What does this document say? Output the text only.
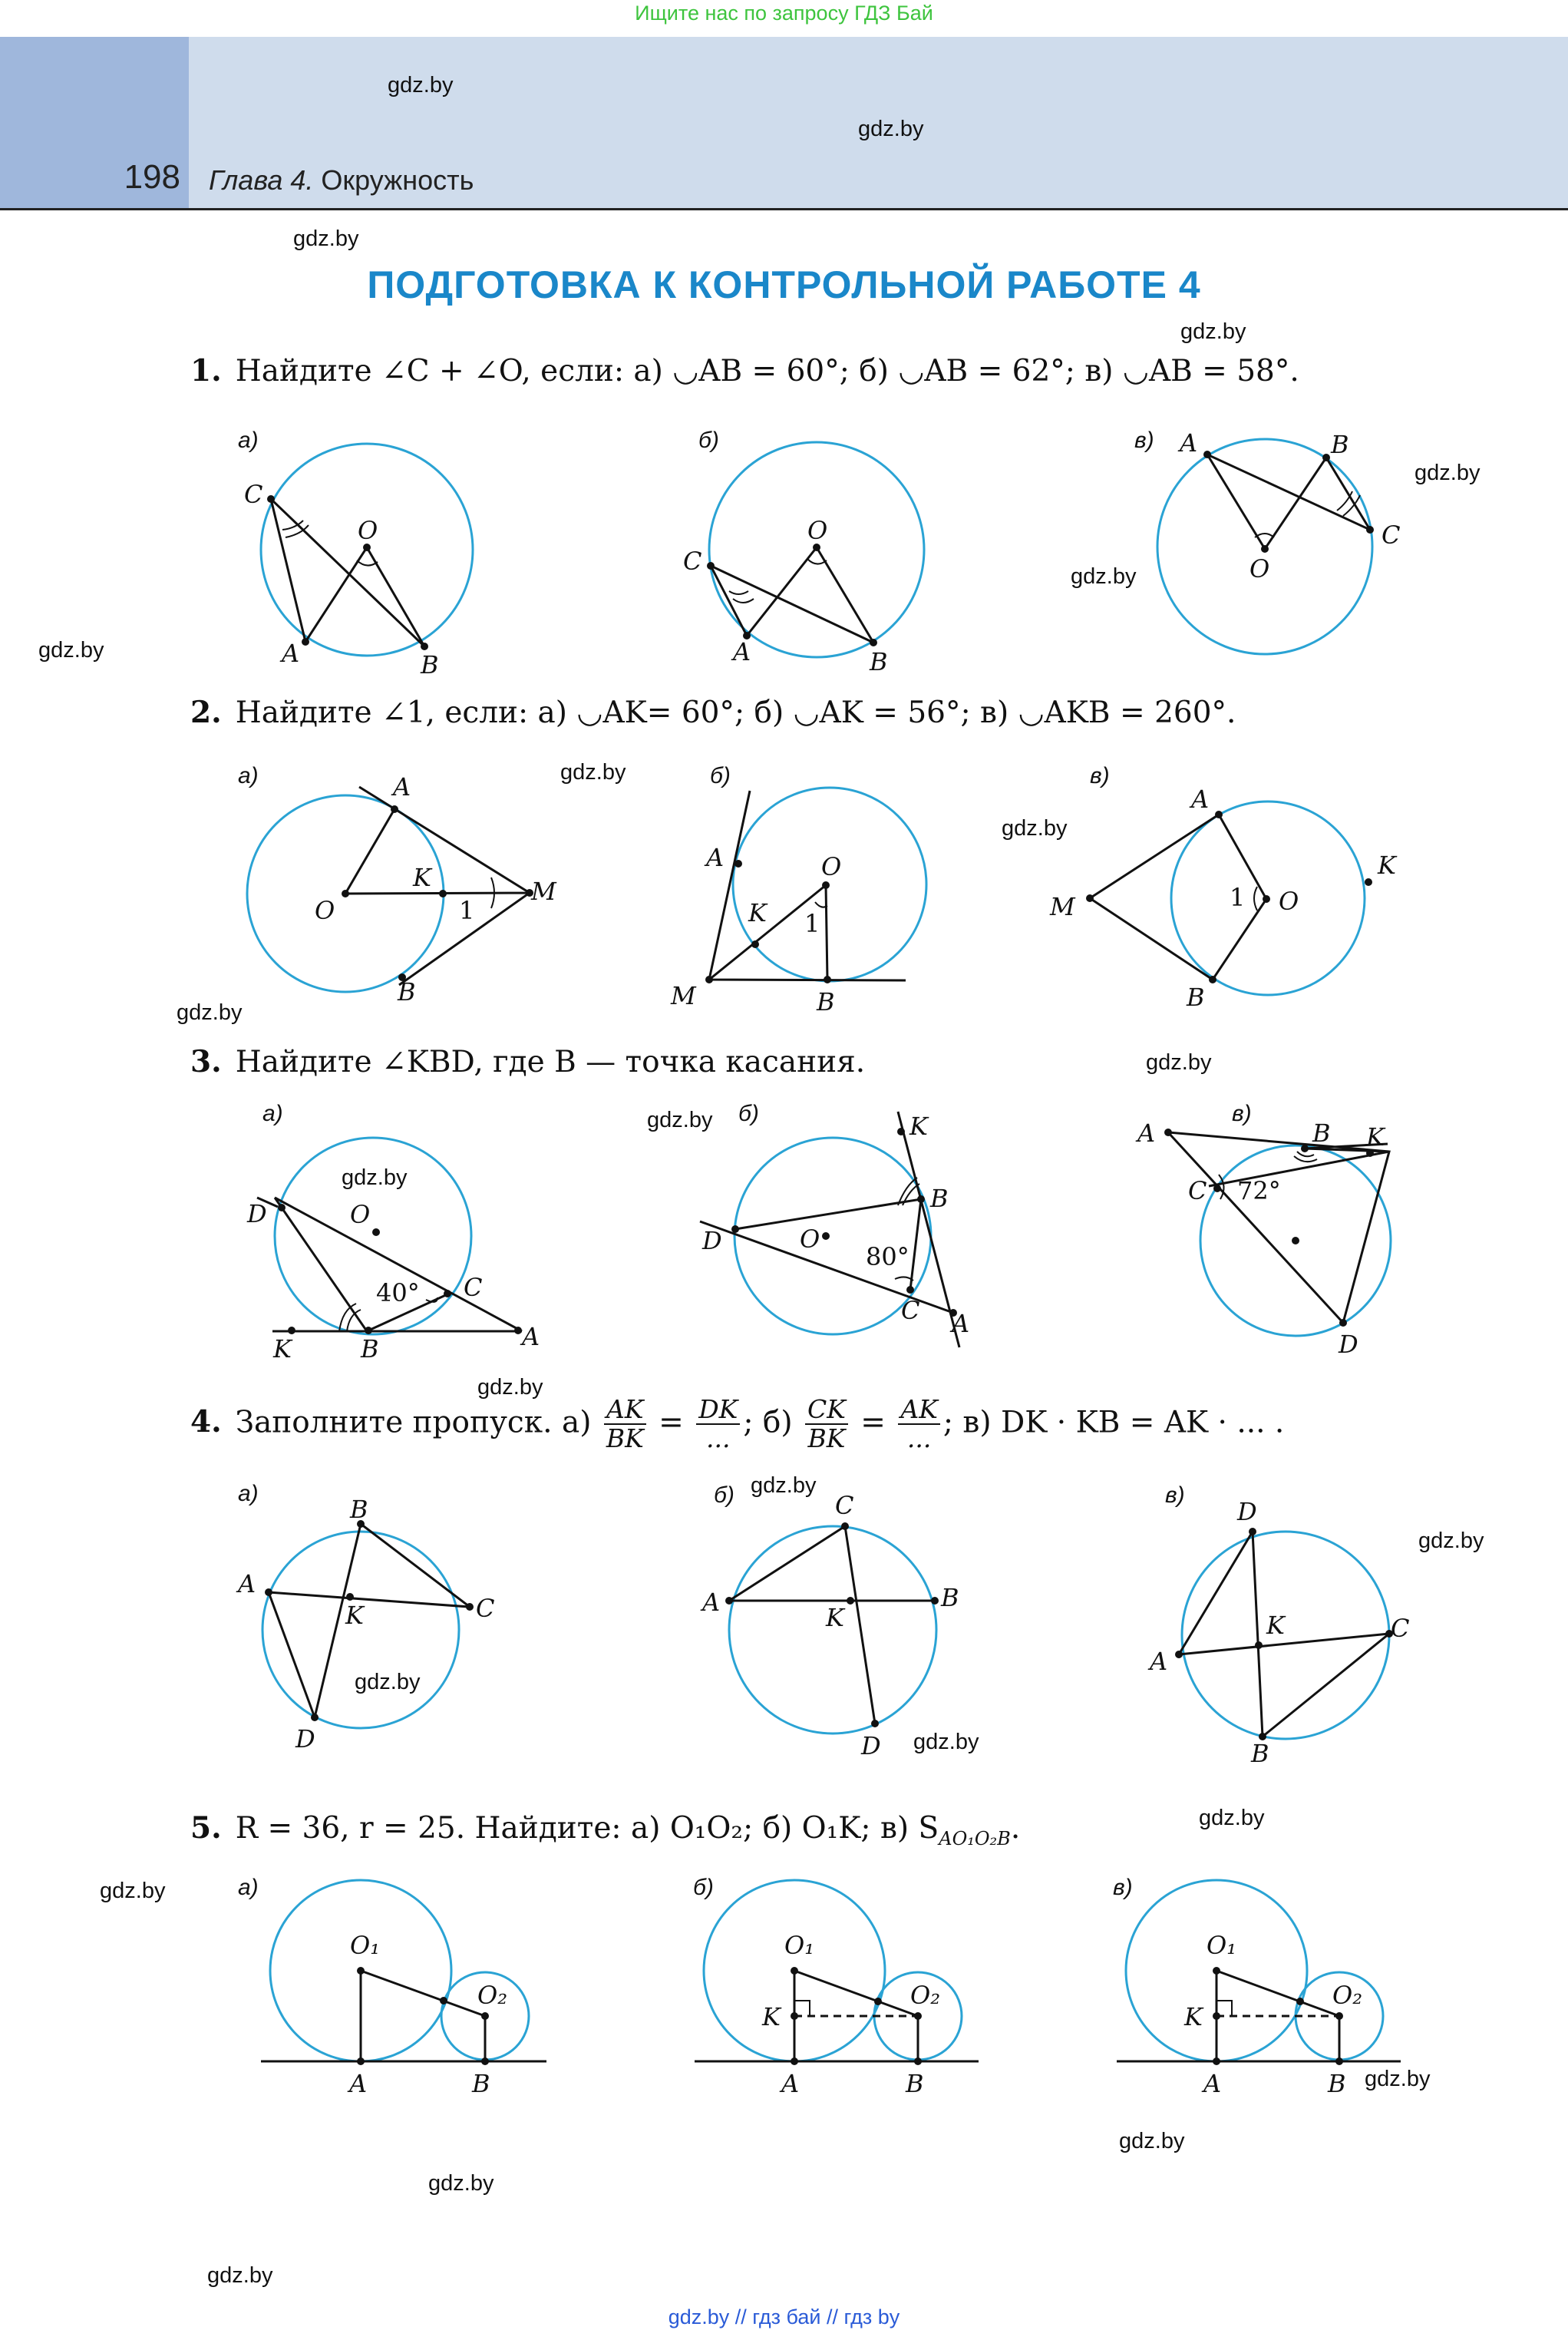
Ищите нас по запросу ГДЗ Бай
198 Глава 4. Окружность
gdz.by
gdz.by
gdz.by
gdz.by
gdz.by
gdz.by
gdz.by
gdz.by
gdz.by
gdz.by
gdz.by
gdz.by
gdz.by
gdz.by
gdz.by
gdz.by
gdz.by
gdz.by
gdz.by
gdz.by
gdz.by
gdz.by
gdz.by
gdz.by
ПОДГОТОВКА К КОНТРОЛЬНОЙ РАБОТЕ 4
1. Найдите ∠C + ∠O, если: а) ◡AB = 60°; б) ◡AB = 62°; в) ◡AB = 58°.
2. Найдите ∠1, если: а) ◡AK= 60°; б) ◡AK = 56°; в) ◡AKB = 260°.
3. Найдите ∠KBD, где B — точка касания.
4. Заполните пропуск. $а) \frac{AK}{BK} = \frac{DK}{...}$ ; $б) \frac{CK}{BK} = \frac{AK}{...}$ ; в) DK · KB = AK · ... .
5. R = 36, r = 25. Найдите: а) O₁O₂; б) O₁K; в) $S_{AO_1O_2B}$.
а)
C
A
O
B
б)
C
A
O
B
в) A	B
O
C
а)	A
O
K	M
B
1
б)
A	O
K
M	B
1
в)
A
M	O
K
B
1
а)
D	O
C
A
K	B
40°
б)
D	O
B
C
K
A
80°
в)
A	B K
C
D
72°
а)
A
B
C
D
K
б)
A
C
B
D
K
в)
A
D
C
B
K
а)
O₁
O₂
A	B
б)
O₁
O₂
K
A	B
в)
O₁
O₂
K
A	B
gdz.by // гдз бай // гдз by
